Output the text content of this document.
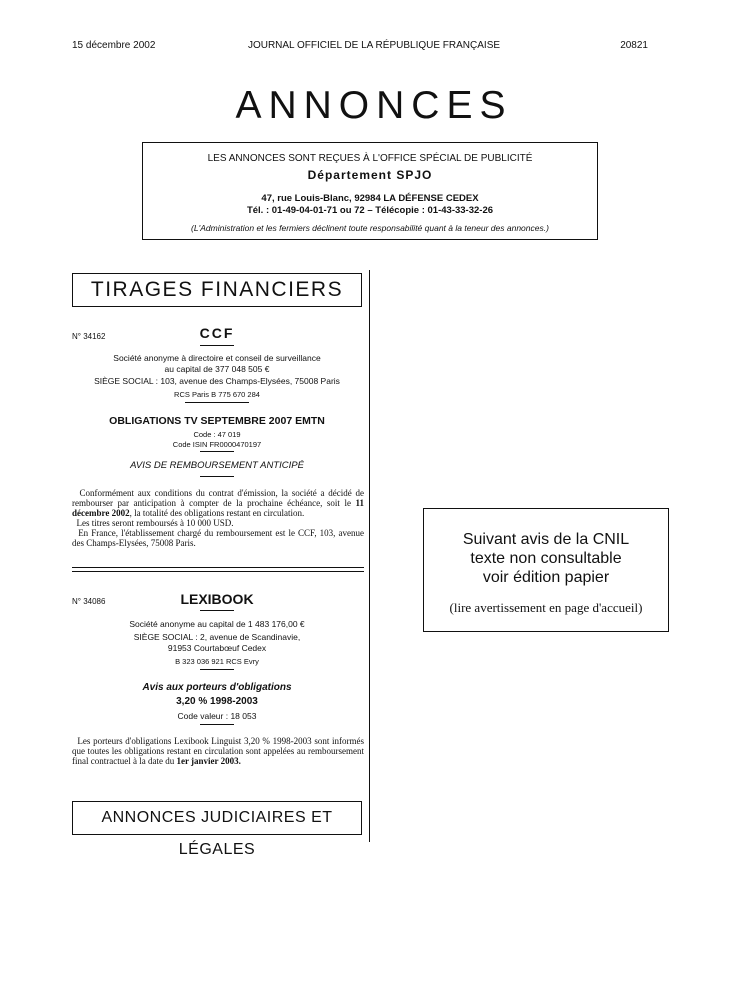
15 décembre 2002	JOURNAL OFFICIEL DE LA RÉPUBLIQUE FRANÇAISE	20821
ANNONCES
LES ANNONCES SONT REÇUES À L'OFFICE SPÉCIAL DE PUBLICITÉ
Département SPJO
47, rue Louis-Blanc, 92984 LA DÉFENSE CEDEX
Tél. : 01-49-04-01-71 ou 72 – Télécopie : 01-43-33-32-26
(L'Administration et les fermiers déclinent toute responsabilité quant à la teneur des annonces.)
TIRAGES FINANCIERS
N° 34162	CCF
Société anonyme à directoire et conseil de surveillance
au capital de 377 048 505 €
SIÈGE SOCIAL : 103, avenue des Champs-Elysées, 75008 Paris
RCS Paris B 775 670 284
OBLIGATIONS TV SEPTEMBRE 2007 EMTN
Code : 47 019
Code ISIN FR0000470197
AVIS DE REMBOURSEMENT ANTICIPÉ

Conformément aux conditions du contrat d'émission, la société a décidé de rembourser par anticipation à compter de la prochaine échéance, soit le 11 décembre 2002, la totalité des obligations restant en circulation.

Les titres seront remboursés à 10 000 USD.

En France, l'établissement chargé du remboursement est le CCF, 103, avenue des Champs-Elysées, 75008 Paris.

N° 34086	LEXIBOOK
Société anonyme au capital de 1 483 176,00 €
SIÈGE SOCIAL : 2, avenue de Scandinavie,
91953 Courtabœuf Cedex
B 323 036 921 RCS Evry
Avis aux porteurs d'obligations
3,20 % 1998-2003
Code valeur : 18 053

Les porteurs d'obligations Lexibook Linguist 3,20 % 1998-2003 sont informés que toutes les obligations restant en circulation sont appelées au remboursement final contractuel à la date du 1er janvier 2003.

ANNONCES JUDICIAIRES ET LÉGALES
Suivant avis de la CNIL
texte non consultable
voir édition papier
(lire avertissement en page d'accueil)
